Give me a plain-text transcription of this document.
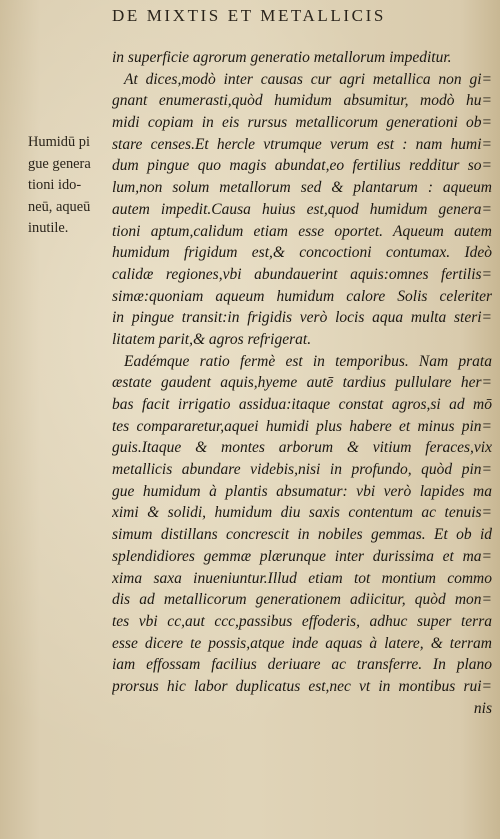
DE MIXTIS ET METALLICIS
Humidū pi
gue genera
tioni ido-
neū, aqueū
inutile.
in superficie agrorum generatio metallorum impeditur.
At dices,modò inter causas cur agri metallica non gi=
gnant enumerasti,quòd humidum absumitur, modò hu=
midi copiam in eis rursus metallicorum generationi ob=
stare censes.Et hercle vtrumque verum est : nam humi=
dum pingue quo magis abundat,eo fertilius redditur so=
lum,non solum metallorum sed & plantarum : aqueum
autem impedit.Causa huius est,quod humidum genera=
tioni aptum,calidum etiam esse oportet. Aqueum autem
humidum frigidum est,& concoctioni contumax. Ideò
calidæ regiones,vbi abundauerint aquis:omnes fertilis=
simæ:quoniam aqueum humidum calore Solis celeriter
in pingue transit:in frigidis verò locis aqua multa steri=
litatem parit,& agros refrigerat.
Eadémque ratio fermè est in temporibus. Nam prata
æstate gaudent aquis,hyeme autē tardius pullulare her=
bas facit irrigatio assidua:itaque constat agros,si ad mō
tes compararetur,aquei humidi plus habere et minus pin=
guis.Itaque & montes arborum & vitium feraces,vix
metallicis abundare videbis,nisi in profundo, quòd pin=
gue humidum à plantis absumatur: vbi verò lapides ma
ximi & solidi, humidum diu saxis contentum ac tenuis=
simum distillans concrescit in nobiles gemmas. Et ob id
splendidiores gemmæ plærunque inter durissima et ma=
xima saxa inueniuntur.Illud etiam tot montium commo
dis ad metallicorum generationem adiicitur, quòd mon=
tes vbi cc,aut ccc,passibus effoderis, adhuc super terra
esse dicere te possis,atque inde aquas à latere, & terram
iam effossam facilius deriuare ac transferre. In plano
prorsus hic labor duplicatus est,nec vt in montibus rui=
nis
